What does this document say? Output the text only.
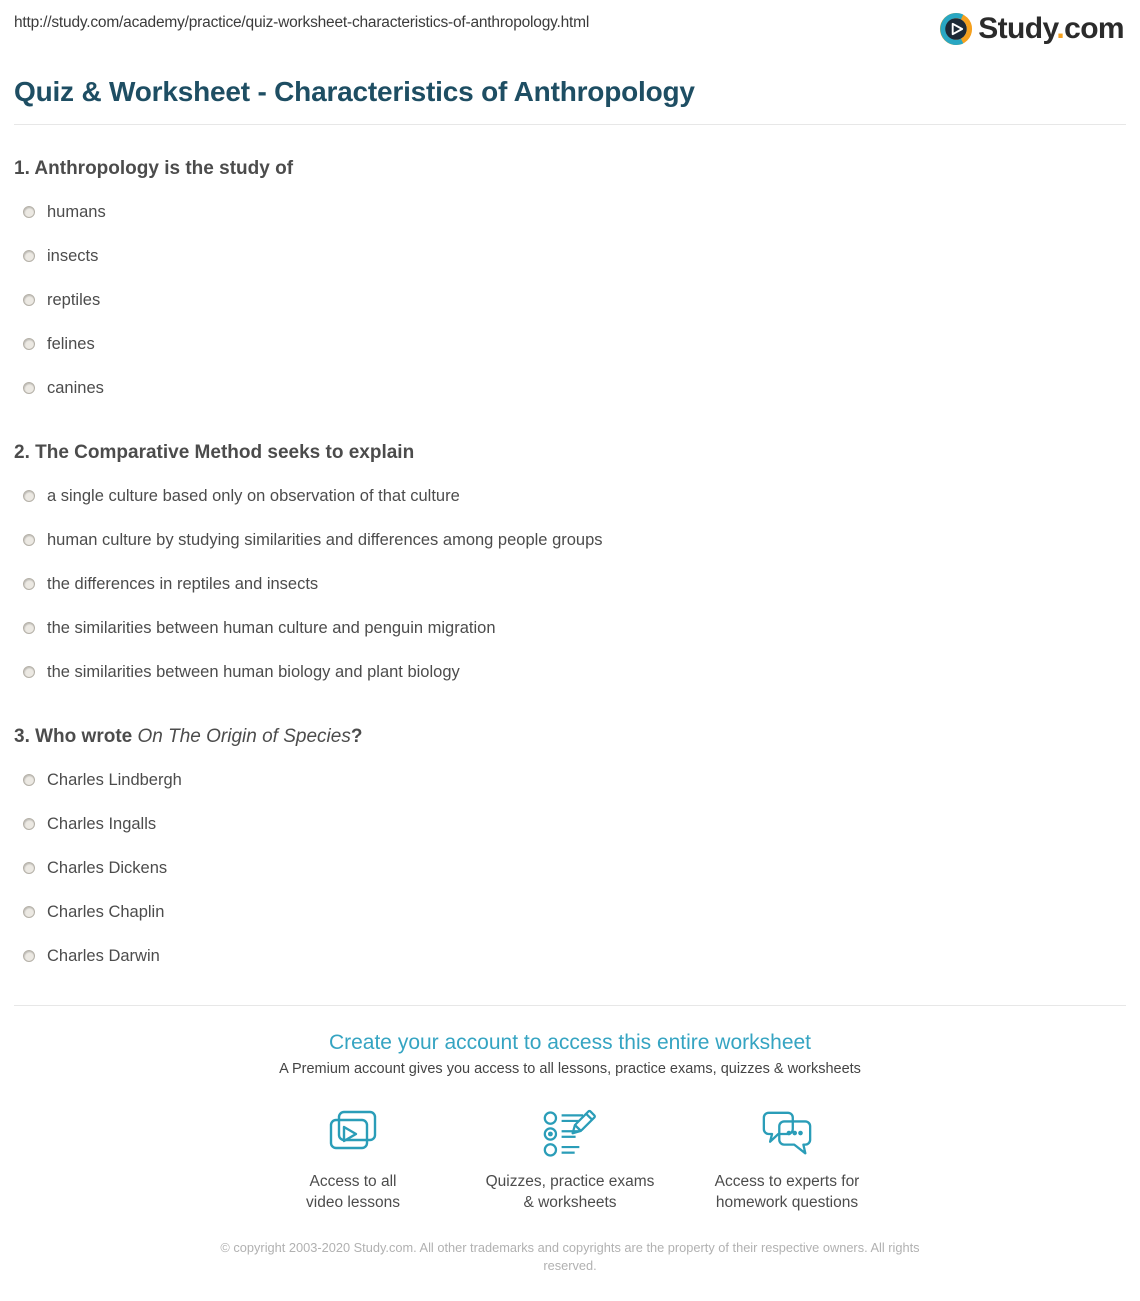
http://study.com/academy/practice/quiz-worksheet-characteristics-of-anthropology.html	Study.com
Quiz & Worksheet - Characteristics of Anthropology
1. Anthropology is the study of
humans
insects
reptiles
felines
canines
2. The Comparative Method seeks to explain
a single culture based only on observation of that culture
human culture by studying similarities and differences among people groups
the differences in reptiles and insects
the similarities between human culture and penguin migration
the similarities between human biology and plant biology
3. Who wrote On The Origin of Species?
Charles Lindbergh
Charles Ingalls
Charles Dickens
Charles Chaplin
Charles Darwin
Create your account to access this entire worksheet
A Premium account gives you access to all lessons, practice exams, quizzes & worksheets
Access to all
video lessons
Quizzes, practice exams
& worksheets
Access to experts for
homework questions
© copyright 2003-2020 Study.com. All other trademarks and copyrights are the property of their respective owners. All rights reserved.
